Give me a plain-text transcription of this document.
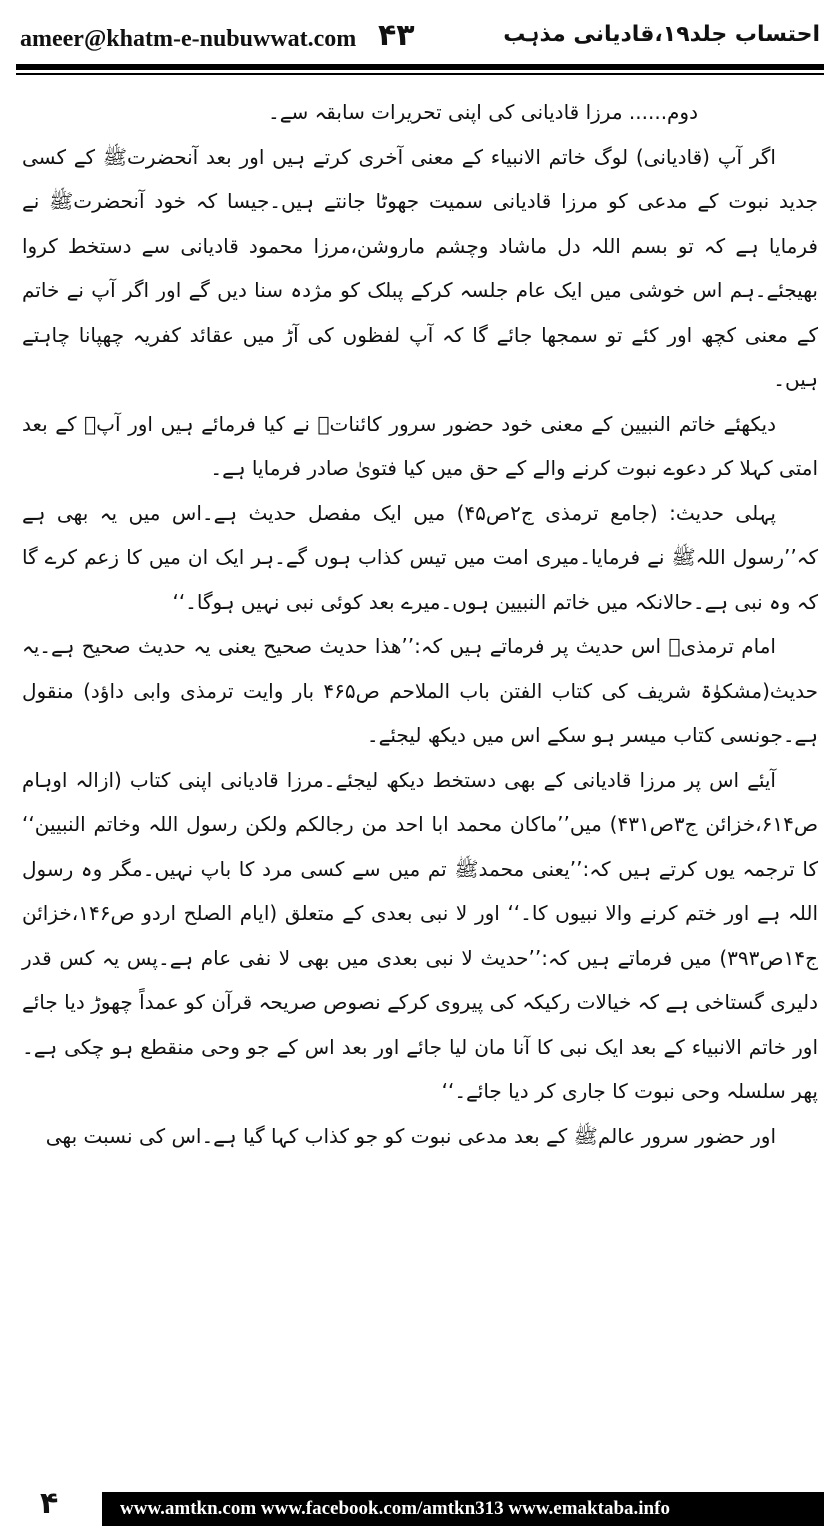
ameer@khatm-e-nubuwwat.com ۴۳	احتساب جلد۱۹،قادیانی مذہب

دوم...... مرزا قادیانی کی اپنی تحریرات سابقہ سے۔

اگر آپ (قادیانی) لوگ خاتم الانبیاء کے معنی آخری کرتے ہیں اور بعد آنحضرتﷺ کے کسی جدید نبوت کے مدعی کو مرزا قادیانی سمیت جھوٹا جانتے ہیں۔جیسا کہ خود آنحضرتﷺ نے فرمایا ہے کہ تو بسم اللہ دل ماشاد وچشم ماروشن،مرزا محمود قادیانی سے دستخط کروا بھیجئے۔ہم اس خوشی میں ایک عام جلسہ کرکے پبلک کو مژدہ سنا دیں گے اور اگر آپ نے خاتم کے معنی کچھ اور کئے تو سمجھا جائے گا کہ آپ لفظوں کی آڑ میں عقائد کفریہ چھپانا چاہتے ہیں۔

دیکھئے خاتم النبیین کے معنی خود حضور سرور کائناتﷺ نے کیا فرمائے ہیں اور آپؐ کے بعد امتی کہلا کر دعوے نبوت کرنے والے کے حق میں کیا فتویٰ صادر فرمایا ہے۔

پہلی حدیث: (جامع ترمذی ج۲ص۴۵) میں ایک مفصل حدیث ہے۔اس میں یہ بھی ہے کہ’’رسول اللہﷺ نے فرمایا۔میری امت میں تیس کذاب ہوں گے۔ہر ایک ان میں کا زعم کرے گا کہ وہ نبی ہے۔حالانکہ میں خاتم النبیین ہوں۔میرے بعد کوئی نبی نہیں ہوگا۔‘‘

امام ترمذیؒ اس حدیث پر فرماتے ہیں کہ:’’ھذا حدیث صحیح یعنی یہ حدیث صحیح ہے۔یہ حدیث(مشکوٰۃ شریف کی کتاب الفتن باب الملاحم ص۴۶۵ بار وایت ترمذی وابی داؤد) منقول ہے۔جونسی کتاب میسر ہو سکے اس میں دیکھ لیجئے۔

آیئے اس پر مرزا قادیانی کے بھی دستخط دیکھ لیجئے۔مرزا قادیانی اپنی کتاب (ازالہ اوہام ص۶۱۴،خزائن ج۳ص۴۳۱) میں’’ماکان محمد ابا احد من رجالکم ولکن رسول اللہ وخاتم النبیین‘‘ کا ترجمہ یوں کرتے ہیں کہ:’’یعنی محمدﷺ تم میں سے کسی مرد کا باپ نہیں۔مگر وہ رسول اللہ ہے اور ختم کرنے والا نبیوں کا۔‘‘ اور لا نبی بعدی کے متعلق (ایام الصلح اردو ص۱۴۶،خزائن ج۱۴ص۳۹۳) میں فرماتے ہیں کہ:’’حدیث لا نبی بعدی میں بھی لا نفی عام ہے۔پس یہ کس قدر دلیری گستاخی ہے کہ خیالات رکیکہ کی پیروی کرکے نصوص صریحہ قرآن کو عمداً چھوڑ دیا جائے اور خاتم الانبیاء کے بعد ایک نبی کا آنا مان لیا جائے اور بعد اس کے جو وحی منقطع ہو چکی ہے۔پھر سلسلہ وحی نبوت کا جاری کر دیا جائے۔‘‘

اور حضور سرور عالمﷺ کے بعد مدعی نبوت کو جو کذاب کہا گیا ہے۔اس کی نسبت بھی

۴	www.amtkn.com www.facebook.com/amtkn313 www.emaktaba.info
